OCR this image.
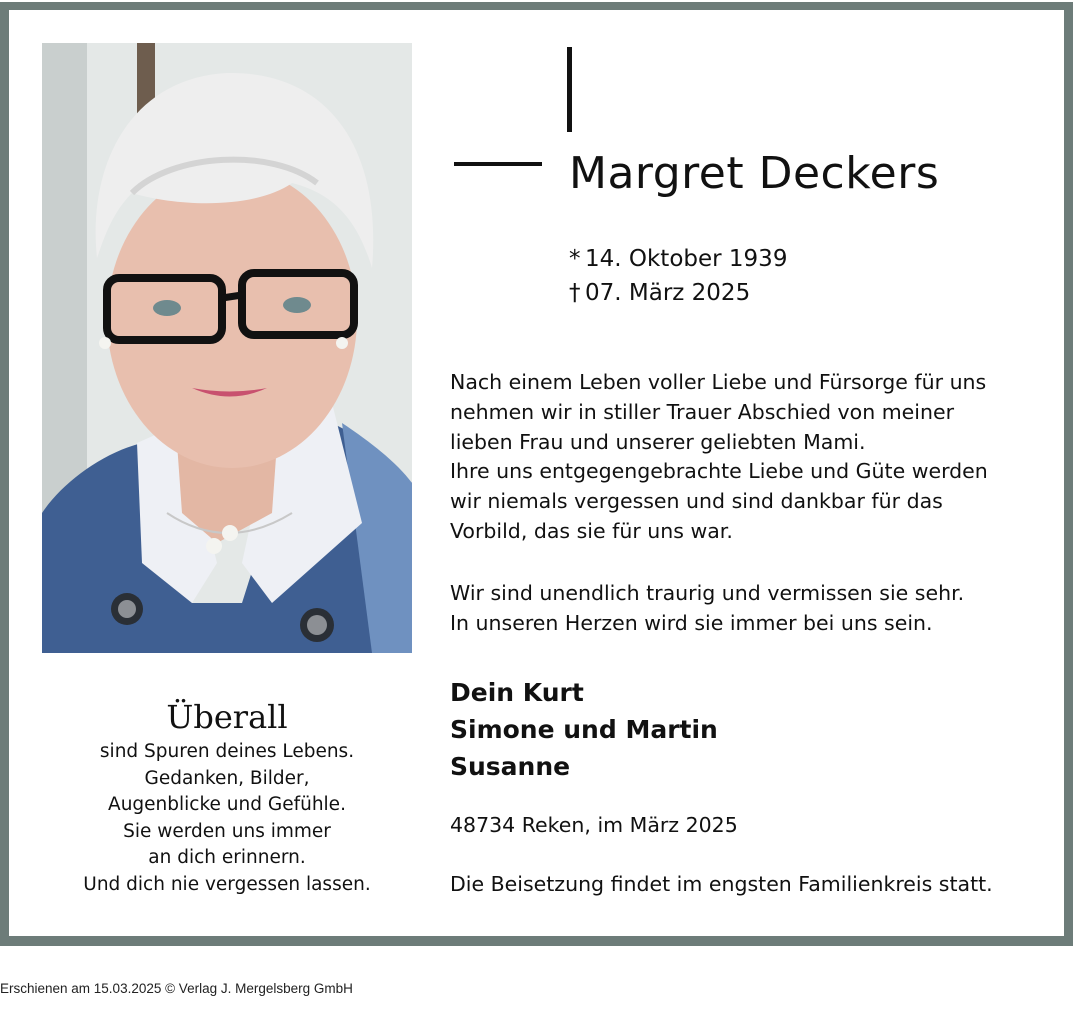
Margret Deckers
* 14. Oktober 1939
† 07. März 2025

Nach einem Leben voller Liebe und Fürsorge für uns

nehmen wir in stiller Trauer Abschied von meiner

lieben Frau und unserer geliebten Mami.

Ihre uns entgegengebrachte Liebe und Güte werden

wir niemals vergessen und sind dankbar für das

Vorbild, das sie für uns war.

Wir sind unendlich traurig und vermissen sie sehr.

In unseren Herzen wird sie immer bei uns sein.

Dein Kurt
Simone und Martin
Susanne
48734 Reken, im März 2025
Die Beisetzung findet im engsten Familienkreis statt.
Überall
sind Spuren deines Lebens.
Gedanken, Bilder,
Augenblicke und Gefühle.
Sie werden uns immer
an dich erinnern.
Und dich nie vergessen lassen.
Erschienen am 15.03.2025 © Verlag J. Mergelsberg GmbH
